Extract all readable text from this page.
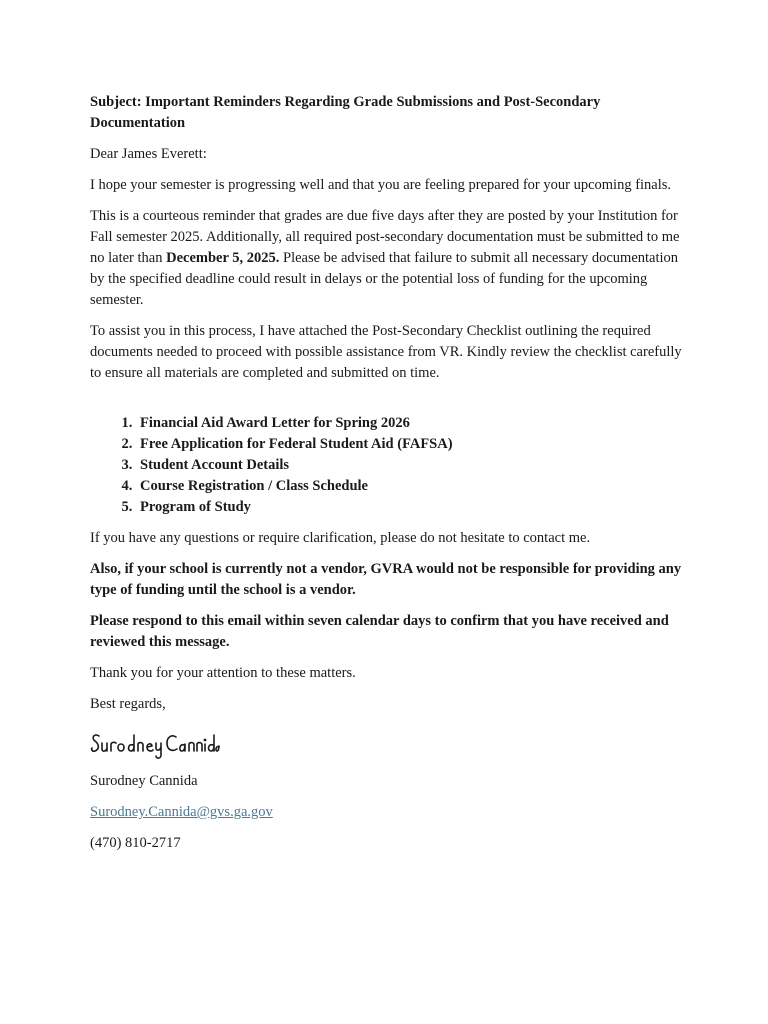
Subject: Important Reminders Regarding Grade Submissions and Post-Secondary Documentation

Dear James Everett:

I hope your semester is progressing well and that you are feeling prepared for your upcoming finals.

This is a courteous reminder that grades are due five days after they are posted by your Institution for Fall semester 2025. Additionally, all required post-secondary documentation must be submitted to me no later than December 5, 2025. Please be advised that failure to submit all necessary documentation by the specified deadline could result in delays or the potential loss of funding for the upcoming semester.

To assist you in this process, I have attached the Post-Secondary Checklist outlining the required documents needed to proceed with possible assistance from VR. Kindly review the checklist carefully to ensure all materials are completed and submitted on time.

1. Financial Aid Award Letter for Spring 2026
2. Free Application for Federal Student Aid (FAFSA)
3. Student Account Details
4. Course Registration / Class Schedule
5. Program of Study

If you have any questions or require clarification, please do not hesitate to contact me.

Also, if your school is currently not a vendor, GVRA would not be responsible for providing any type of funding until the school is a vendor.

Please respond to this email within seven calendar days to confirm that you have received and reviewed this message.

Thank you for your attention to these matters.

Best regards,

Surodney Cannida

Surodney.Cannida@gvs.ga.gov

(470) 810-2717
